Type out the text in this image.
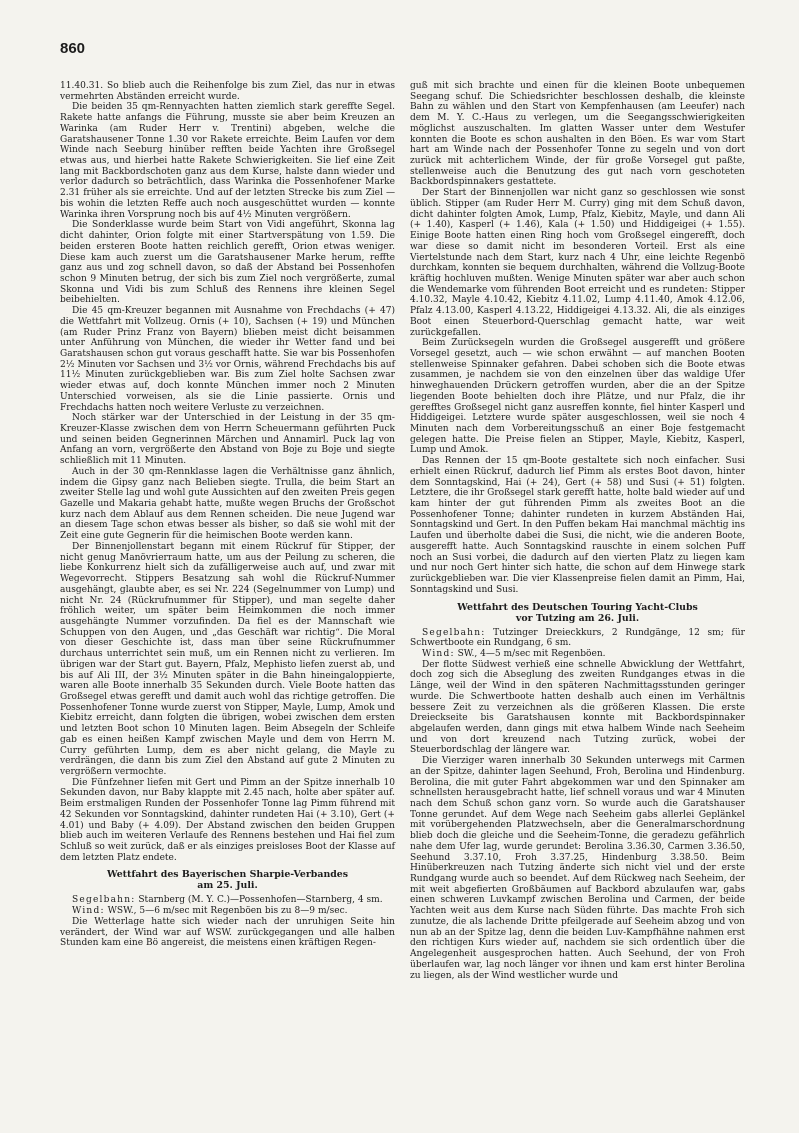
860

11.40.31. So blieb auch die Reihenfolge bis zum Ziel, das nur in etwas vermehrten Abständen erreicht wurde.

Die beiden 35 qm-Rennyachten hatten ziemlich stark gereffte Segel. Rakete hatte anfangs die Führung, musste sie aber beim Kreuzen an Warinka (am Ruder Herr v. Trentini) abgeben, welche die Garatshausener Tonne 1.30 vor Rakete erreichte. Beim Laufen vor dem Winde nach Seeburg hinüber refften beide Yachten ihre Großsegel etwas aus, und hierbei hatte Rakete Schwierigkeiten. Sie lief eine Zeit lang mit Backbordschoten ganz aus dem Kurse, halste dann wieder und verlor dadurch so beträchtlich, dass Warinka die Possenhofener Marke 2.31 früher als sie erreichte. Und auf der letzten Strecke bis zum Ziel — bis wohin die letzten Reffe auch noch ausgeschüttet wurden — konnte Warinka ihren Vorsprung noch bis auf 4½ Minuten vergrößern.

Die Sonderklasse wurde beim Start von Vidi angeführt, Skonna lag dicht dahinter, Orion folgte mit einer Startverspätung von 1.59. Die beiden ersteren Boote hatten reichlich gerefft, Orion etwas weniger. Diese kam auch zuerst um die Garatshausener Marke herum, reffte ganz aus und zog schnell davon, so daß der Abstand bei Possenhofen schon 9 Minuten betrug, der sich bis zum Ziel noch vergrößerte, zumal Skonna und Vidi bis zum Schluß des Rennens ihre kleinen Segel beibehielten.

Die 45 qm-Kreuzer begannen mit Ausnahme von Frechdachs (+ 47) die Wettfahrt mit Vollzeug. Ornis (+ 10), Sachsen (+ 19) und München (am Ruder Prinz Franz von Bayern) blieben meist dicht beisammen unter Anführung von München, die wieder ihr Wetter fand und bei Garatshausen schon gut voraus geschafft hatte. Sie war bis Possenhofen 2½ Minuten vor Sachsen und 3½ vor Ornis, während Frechdachs bis auf 11½ Minuten zurückgeblieben war. Bis zum Ziel holte Sachsen zwar wieder etwas auf, doch konnte München immer noch 2 Minuten Unterschied vorweisen, als sie die Linie passierte. Ornis und Frechdachs hatten noch weitere Verluste zu verzeichnen.

Noch stärker war der Unterschied in der Leistung in der 35 qm-Kreuzer-Klasse zwischen dem von Herrn Scheuermann geführten Puck und seinen beiden Gegnerinnen Märchen und Annamirl. Puck lag von Anfang an vorn, vergrößerte den Abstand von Boje zu Boje und siegte schließlich mit 11 Minuten.

Auch in der 30 qm-Rennklasse lagen die Verhältnisse ganz ähnlich, indem die Gipsy ganz nach Belieben siegte. Trulla, die beim Start an zweiter Stelle lag und wohl gute Aussichten auf den zweiten Preis gegen Gazelle und Makaria gehabt hatte, mußte wegen Bruchs der Großschot kurz nach dem Ablauf aus dem Rennen scheiden. Die neue Jugend war an diesem Tage schon etwas besser als bisher, so daß sie wohl mit der Zeit eine gute Gegnerin für die heimischen Boote werden kann.

Der Binnenjollenstart begann mit einem Rückruf für Stipper, der nicht genug Manövrierraum hatte, um aus der Peilung zu scheren, die liebe Konkurrenz hielt sich da zufälligerweise auch auf, und zwar mit Wegevorrecht. Stippers Besatzung sah wohl die Rückruf-Nummer ausgehängt, glaubte aber, es sei Nr. 224 (Segelnummer von Lump) und nicht Nr. 24 (Rückrufnummer für Stipper), und man segelte daher fröhlich weiter, um später beim Heimkommen die noch immer ausgehängte Nummer vorzufinden. Da fiel es der Mannschaft wie Schuppen von den Augen, und „das Geschäft war richtig“. Die Moral von dieser Geschichte ist, dass man über seine Rückrufnummer durchaus unterrichtet sein muß, um ein Rennen nicht zu verlieren. Im übrigen war der Start gut. Bayern, Pfalz, Mephisto liefen zuerst ab, und bis auf Ali III, der 3½ Minuten später in die Bahn hineingaloppierte, waren alle Boote innerhalb 35 Sekunden durch. Viele Boote hatten das Großsegel etwas gerefft und damit auch wohl das richtige getroffen. Die Possenhofener Tonne wurde zuerst von Stipper, Mayle, Lump, Amok und Kiebitz erreicht, dann folgten die übrigen, wobei zwischen dem ersten und letzten Boot schon 10 Minuten lagen. Beim Absegeln der Schleife gab es einen heißen Kampf zwischen Mayle und dem von Herrn M. Curry geführten Lump, dem es aber nicht gelang, die Mayle zu verdrängen, die dann bis zum Ziel den Abstand auf gute 2 Minuten zu vergrößern vermochte.

Die Fünfzehner liefen mit Gert und Pimm an der Spitze innerhalb 10 Sekunden davon, nur Baby klappte mit 2.45 nach, holte aber später auf. Beim erstmaligen Runden der Possenhofer Tonne lag Pimm führend mit 42 Sekunden vor Sonntagskind, dahinter rundeten Hai (+ 3.10), Gert (+ 4.01) und Baby (+ 4.09). Der Abstand zwischen den beiden Gruppen blieb auch im weiteren Verlaufe des Rennens bestehen und Hai fiel zum Schluß so weit zurück, daß er als einziges preisloses Boot der Klasse auf dem letzten Platz endete.

Wettfahrt des Bayerischen Sharpie-Verbandes
am 25. Juli.

Segelbahn: Starnberg (M. Y. C.)—Possenhofen—Starnberg, 4 sm.

Wind: WSW., 5—6 m/sec mit Regenböen bis zu 8—9 m/sec.

Die Wetterlage hatte sich wieder nach der unruhigen Seite hin verändert, der Wind war auf WSW. zurückgegangen und alle halben Stunden kam eine Bö angereist, die meistens einen kräftigen Regen-

guß mit sich brachte und einen für die kleinen Boote unbequemen Seegang schuf. Die Schiedsrichter beschlossen deshalb, die kleinste Bahn zu wählen und den Start von Kempfenhausen (am Leeufer) nach dem M. Y. C.-Haus zu verlegen, um die Seegangsschwierigkeiten möglichst auszuschalten. Im glatten Wasser unter dem Westufer konnten die Boote es schon aushalten in den Böen. Es war vom Start hart am Winde nach der Possenhofer Tonne zu segeln und von dort zurück mit achterlichem Winde, der für große Vorsegel gut paßte, stellenweise auch die Benutzung des gut nach vorn geschoteten Backbordspinnakers gestattete.

Der Start der Binnenjollen war nicht ganz so geschlossen wie sonst üblich. Stipper (am Ruder Herr M. Curry) ging mit dem Schuß davon, dicht dahinter folgten Amok, Lump, Pfalz, Kiebitz, Mayle, und dann Ali (+ 1.40), Kasperl (+ 1.46), Kala (+ 1.50) und Hiddigeigei (+ 1.55). Einige Boote hatten einen Ring hoch vom Großsegel eingerefft, doch war diese so damit nicht im besonderen Vorteil. Erst als eine Viertelstunde nach dem Start, kurz nach 4 Uhr, eine leichte Regenbö durchkam, konnten sie bequem durchhalten, während die Vollzug-Boote kräftig hochluven mußten. Wenige Minuten später war aber auch schon die Wendemarke vom führenden Boot erreicht und es rundeten: Stipper 4.10.32, Mayle 4.10.42, Kiebitz 4.11.02, Lump 4.11.40, Amok 4.12.06, Pfalz 4.13.00, Kasperl 4.13.22, Hiddigeigei 4.13.32. Ali, die als einziges Boot einen Steuerbord-Querschlag gemacht hatte, war weit zurückgefallen.

Beim Zurücksegeln wurden die Großsegel ausgerefft und größere Vorsegel gesetzt, auch — wie schon erwähnt — auf manchen Booten stellenweise Spinnaker gefahren. Dabei schoben sich die Boote etwas zusammen, je nachdem sie von den einzelnen über das waldige Ufer hinweghauenden Drückern getroffen wurden, aber die an der Spitze liegenden Boote behielten doch ihre Plätze, und nur Pfalz, die ihr gerefftes Großsegel nicht ganz ausreffen konnte, fiel hinter Kasperl und Hiddigeigei. Letztere wurde später ausgeschlossen, weil sie noch 4 Minuten nach dem Vorbereitungsschuß an einer Boje festgemacht gelegen hatte. Die Preise fielen an Stipper, Mayle, Kiebitz, Kasperl, Lump und Amok.

Das Rennen der 15 qm-Boote gestaltete sich noch einfacher. Susi erhielt einen Rückruf, dadurch lief Pimm als erstes Boot davon, hinter dem Sonntagskind, Hai (+ 24), Gert (+ 58) und Susi (+ 51) folgten. Letztere, die ihr Großsegel stark gerefft hatte, holte bald wieder auf und kam hinter der gut führenden Pimm als zweites Boot an die Possenhofener Tonne; dahinter rundeten in kurzem Abständen Hai, Sonntagskind und Gert. In den Puffen bekam Hai manchmal mächtig ins Laufen und überholte dabei die Susi, die nicht, wie die anderen Boote, ausgerefft hatte. Auch Sonntagskind rauschte in einem solchen Puff noch an Susi vorbei, die dadurch auf den vierten Platz zu liegen kam und nur noch Gert hinter sich hatte, die schon auf dem Hinwege stark zurückgeblieben war. Die vier Klassenpreise fielen damit an Pimm, Hai, Sonntagskind und Susi.

Wettfahrt des Deutschen Touring Yacht-Clubs
vor Tutzing am 26. Juli.

Segelbahn: Tutzinger Dreieckkurs, 2 Rundgänge, 12 sm; für Schwertboote ein Rundgang, 6 sm.

Wind: SW., 4—5 m/sec mit Regenböen.

Der flotte Südwest verhieß eine schnelle Abwicklung der Wettfahrt, doch zog sich die Abseglung des zweiten Rundganges etwas in die Länge, weil der Wind in den späteren Nachmittagsstunden geringer wurde. Die Schwertboote hatten deshalb auch einen im Verhältnis bessere Zeit zu verzeichnen als die größeren Klassen. Die erste Dreieckseite bis Garatshausen konnte mit Backbordspinnaker abgelaufen werden, dann gings mit etwa halbem Winde nach Seeheim und von dort kreuzend nach Tutzing zurück, wobei der Steuerbordschlag der längere war.

Die Vierziger waren innerhalb 30 Sekunden unterwegs mit Carmen an der Spitze, dahinter lagen Seehund, Froh, Berolina und Hindenburg. Berolina, die mit guter Fahrt abgekommen war und den Spinnaker am schnellsten herausgebracht hatte, lief schnell voraus und war 4 Minuten nach dem Schuß schon ganz vorn. So wurde auch die Garatshauser Tonne gerundet. Auf dem Wege nach Seeheim gabs allerlei Geplänkel mit vorübergehenden Platzwechseln, aber die Generalmarschordnung blieb doch die gleiche und die Seeheim-Tonne, die geradezu gefährlich nahe dem Ufer lag, wurde gerundet: Berolina 3.36.30, Carmen 3.36.50, Seehund 3.37.10, Froh 3.37.25, Hindenburg 3.38.50. Beim Hinüberkreuzen nach Tutzing änderte sich nicht viel und der erste Rundgang wurde auch so beendet. Auf dem Rückweg nach Seeheim, der mit weit abgefierten Großbäumen auf Backbord abzulaufen war, gabs einen schweren Luvkampf zwischen Berolina und Carmen, der beide Yachten weit aus dem Kurse nach Süden führte. Das machte Froh sich zunutze, die als lachende Dritte pfeilgerade auf Seeheim abzog und von nun ab an der Spitze lag, denn die beiden Luv-Kampfhähne nahmen erst den richtigen Kurs wieder auf, nachdem sie sich ordentlich über die Angelegenheit ausgesprochen hatten. Auch Seehund, der von Froh überlaufen war, lag noch länger vor ihnen und kam erst hinter Berolina zu liegen, als der Wind westlicher wurde und
